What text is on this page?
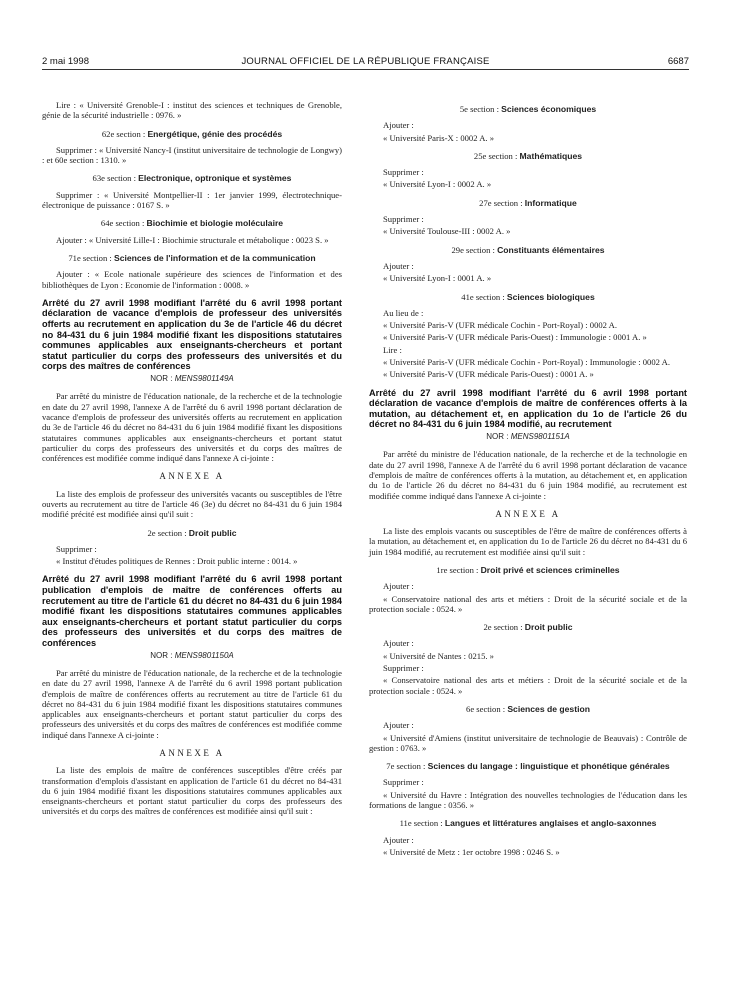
2 mai 1998	JOURNAL OFFICIEL DE LA RÉPUBLIQUE FRANÇAISE	6687

Lire : « Université Grenoble-I : institut des sciences et techniques de Grenoble, génie de la sécurité industrielle : 0976. »

62e section : Energétique, génie des procédés

Supprimer : « Université Nancy-I (institut universitaire de technologie de Longwy) : et 60e section : 1310. »

63e section : Electronique, optronique et systèmes

Supprimer : « Université Montpellier-II : 1er janvier 1999, électrotechnique-électronique de puissance : 0167 S. »

64e section : Biochimie et biologie moléculaire

Ajouter : « Université Lille-I : Biochimie structurale et métabolique : 0023 S. »

71e section : Sciences de l'information et de la communication

Ajouter : « Ecole nationale supérieure des sciences de l'information et des bibliothèques de Lyon : Economie de l'information : 0008. »

Arrêté du 27 avril 1998 modifiant l'arrêté du 6 avril 1998 portant déclaration de vacance d'emplois de professeur des universités offerts au recrutement en application du 3e de l'article 46 du décret no 84-431 du 6 juin 1984 modifié fixant les dispositions statutaires communes applicables aux enseignants-chercheurs et portant statut particulier du corps des professeurs des universités et du corps des maîtres de conférences

NOR : MENS9801149A

Par arrêté du ministre de l'éducation nationale, de la recherche et de la technologie en date du 27 avril 1998, l'annexe A de l'arrêté du 6 avril 1998 portant déclaration de vacance d'emplois de professeur des universités offerts au recrutement en application du 3e de l'article 46 du décret no 84-431 du 6 juin 1984 modifié fixant les dispositions statutaires communes applicables aux enseignants-chercheurs et portant statut particulier du corps des professeurs des universités et du corps des maîtres de conférences est modifiée comme indiqué dans l'annexe A ci-jointe :

ANNEXE A

La liste des emplois de professeur des universités vacants ou susceptibles de l'être ouverts au recrutement au titre de l'article 46 (3e) du décret no 84-431 du 6 juin 1984 modifié précité est modifiée ainsi qu'il suit :

2e section : Droit public

Supprimer :

« Institut d'études politiques de Rennes : Droit public interne : 0014. »

Arrêté du 27 avril 1998 modifiant l'arrêté du 6 avril 1998 portant publication d'emplois de maître de conférences offerts au recrutement au titre de l'article 61 du décret no 84-431 du 6 juin 1984 modifié fixant les dispositions statutaires communes applicables aux enseignants-chercheurs et portant statut particulier du corps des professeurs des universités et du corps des maîtres de conférences

NOR : MENS9801150A

Par arrêté du ministre de l'éducation nationale, de la recherche et de la technologie en date du 27 avril 1998, l'annexe A de l'arrêté du 6 avril 1998 portant publication d'emplois de maître de conférences offerts au recrutement au titre de l'article 61 du décret no 84-431 du 6 juin 1984 modifié fixant les dispositions statutaires communes applicables aux enseignants-chercheurs et portant statut particulier du corps des professeurs des universités et du corps des maîtres de conférences est modifiée comme indiqué dans l'annexe A ci-jointe :

ANNEXE A

La liste des emplois de maître de conférences susceptibles d'être créés par transformation d'emplois d'assistant en application de l'article 61 du décret no 84-431 du 6 juin 1984 modifié fixant les dispositions statutaires communes applicables aux enseignants-chercheurs et portant statut particulier du corps des professeurs des universités et du corps des maîtres de conférences est modifiée ainsi qu'il suit :

5e section : Sciences économiques

Ajouter :

« Université Paris-X : 0002 A. »

25e section : Mathématiques

Supprimer :

« Université Lyon-I : 0002 A. »

27e section : Informatique

Supprimer :

« Université Toulouse-III : 0002 A. »

29e section : Constituants élémentaires

Ajouter :

« Université Lyon-I : 0001 A. »

41e section : Sciences biologiques

Au lieu de :

« Université Paris-V (UFR médicale Cochin - Port-Royal) : 0002 A.

« Université Paris-V (UFR médicale Paris-Ouest) : Immunologie : 0001 A. »

Lire :

« Université Paris-V (UFR médicale Cochin - Port-Royal) : Immunologie : 0002 A.

« Université Paris-V (UFR médicale Paris-Ouest) : 0001 A. »

Arrêté du 27 avril 1998 modifiant l'arrêté du 6 avril 1998 portant déclaration de vacance d'emplois de maître de conférences offerts à la mutation, au détachement et, en application du 1o de l'article 26 du décret no 84-431 du 6 juin 1984 modifié, au recrutement

NOR : MENS9801151A

Par arrêté du ministre de l'éducation nationale, de la recherche et de la technologie en date du 27 avril 1998, l'annexe A de l'arrêté du 6 avril 1998 portant déclaration de vacance d'emplois de maître de conférences offerts à la mutation, au détachement et, en application du 1o de l'article 26 du décret no 84-431 du 6 juin 1984 modifié, au recrutement est modifiée comme indiqué dans l'annexe A ci-jointe :

ANNEXE A

La liste des emplois vacants ou susceptibles de l'être de maître de conférences offerts à la mutation, au détachement et, en application du 1o de l'article 26 du décret no 84-431 du 6 juin 1984 modifié, au recrutement est modifiée ainsi qu'il suit :

1re section : Droit privé et sciences criminelles

Ajouter :

« Conservatoire national des arts et métiers : Droit de la sécurité sociale et de la protection sociale : 0524. »

2e section : Droit public

Ajouter :

« Université de Nantes : 0215. »

Supprimer :

« Conservatoire national des arts et métiers : Droit de la sécurité sociale et de la protection sociale : 0524. »

6e section : Sciences de gestion

Ajouter :

« Université d'Amiens (institut universitaire de technologie de Beauvais) : Contrôle de gestion : 0763. »

7e section : Sciences du langage : linguistique et phonétique générales

Supprimer :

« Université du Havre : Intégration des nouvelles technologies de l'éducation dans les formations de langue : 0356. »

11e section : Langues et littératures anglaises et anglo-saxonnes

Ajouter :

« Université de Metz : 1er octobre 1998 : 0246 S. »
